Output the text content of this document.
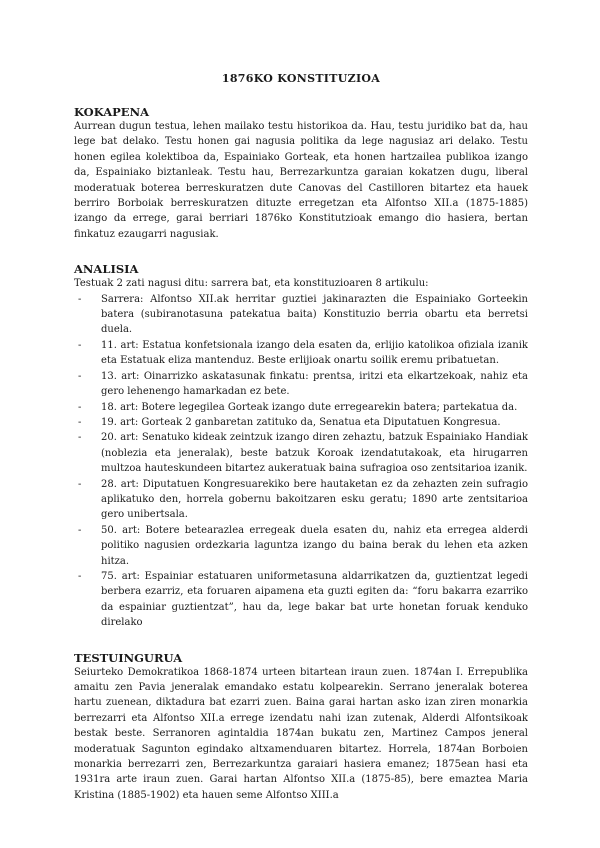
1876KO KONSTITUZIOA
KOKAPENA

Aurrean dugun testua, lehen mailako testu historikoa da. Hau, testu juridiko bat da, hau lege bat delako. Testu honen gai nagusia politika da lege nagusiaz ari delako. Testu honen egilea kolektiboa da, Espainiako Gorteak, eta honen hartzailea publikoa izango da, Espainiako biztanleak. Testu hau, Berrezarkuntza garaian kokatzen dugu, liberal moderatuak boterea berreskuratzen dute Canovas del Castilloren bitartez eta hauek berriro Borboiak berreskuratzen dituzte erregetzan eta Alfontso XII.a (1875-1885) izango da errege, garai berriari 1876ko Konstitutzioak emango dio hasiera, bertan finkatuz ezaugarri nagusiak.

ANALISIA

Testuak 2 zati nagusi ditu: sarrera bat, eta konstituzioaren 8 artikulu:

- Sarrera: Alfontso XII.ak herritar guztiei jakinarazten die Espainiako Gorteekin batera (subiranotasuna patekatua baita) Konstituzio berria obartu eta berretsi duela.
- 11. art: Estatua konfetsionala izango dela esaten da, erlijio katolikoa ofiziala izanik eta Estatuak eliza mantenduz. Beste erlijioak onartu soilik eremu pribatuetan.
- 13. art: Oinarrizko askatasunak finkatu: prentsa, iritzi eta elkartzekoak, nahiz eta gero lehenengo hamarkadan ez bete.
- 18. art: Botere legegilea Gorteak izango dute erregearekin batera; partekatua da.
- 19. art: Gorteak 2 ganbaretan zatituko da, Senatua eta Diputatuen Kongresua.
- 20. art: Senatuko kideak zeintzuk izango diren zehaztu, batzuk Espainiako Handiak (noblezia eta jeneralak), beste batzuk Koroak izendatutakoak, eta hirugarren multzoa hauteskundeen bitartez aukeratuak baina sufragioa oso zentsitarioa izanik.
- 28. art: Diputatuen Kongresuarekiko bere hautaketan ez da zehazten zein sufragio aplikatuko den, horrela gobernu bakoitzaren esku geratu; 1890 arte zentsitarioa gero unibertsala.
- 50. art: Botere betearazlea erregeak duela esaten du, nahiz eta erregea alderdi politiko nagusien ordezkaria laguntza izango du baina berak du lehen eta azken hitza.
- 75. art: Espainiar estatuaren uniformetasuna aldarrikatzen da, guztientzat legedi berbera ezarriz, eta foruaren aipamena eta guzti egiten da: “foru bakarra ezarriko da espainiar guztientzat”, hau da, lege bakar bat urte honetan foruak kenduko direlako
TESTUINGURUA

Seiurteko Demokratikoa 1868-1874 urteen bitartean iraun zuen. 1874an I. Errepublika amaitu zen Pavia jeneralak emandako estatu kolpearekin. Serrano jeneralak boterea hartu zuenean, diktadura bat ezarri zuen. Baina garai hartan asko izan ziren monarkia berrezarri eta Alfontso XII.a errege izendatu nahi izan zutenak, Alderdi Alfontsikoak bestak beste. Serranoren agintaldia 1874an bukatu zen, Martinez Campos jeneral moderatuak Sagunton egindako altxamenduaren bitartez. Horrela, 1874an Borboien monarkia berrezarri zen, Berrezarkuntza garaiari hasiera emanez; 1875ean hasi eta 1931ra arte iraun zuen. Garai hartan Alfontso XII.a (1875-85), bere emaztea Maria Kristina (1885-1902) eta hauen seme Alfontso XIII.a
